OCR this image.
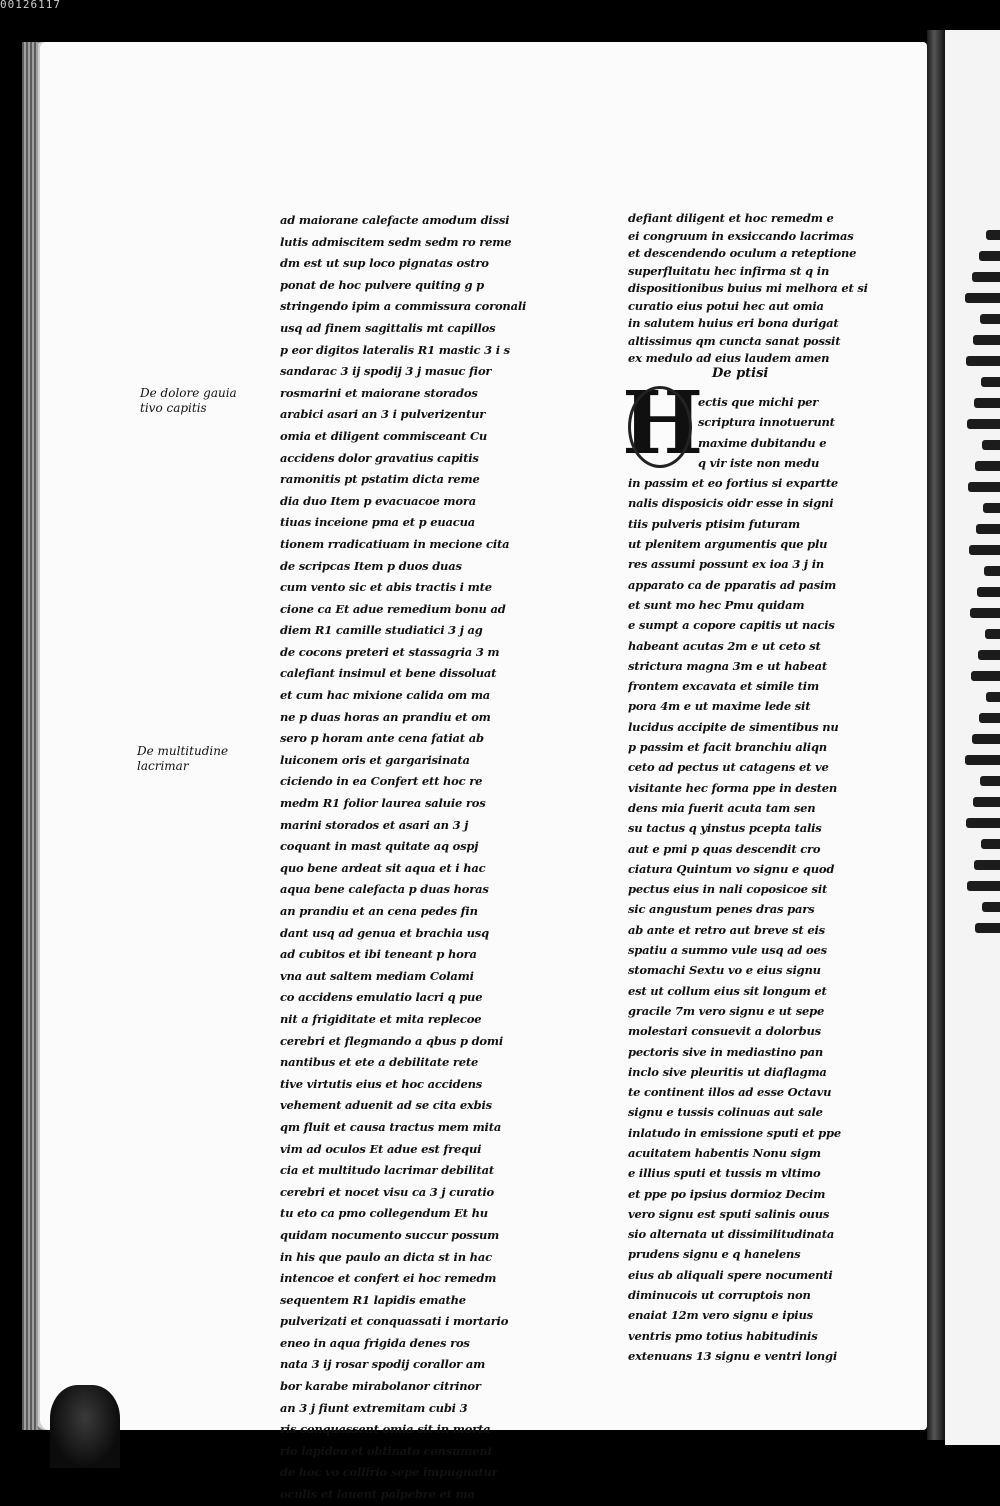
00126117
De dolore gauia tivo capitis
De multitudine lacrimar
ad maiorane calefacte amodum dissi
lutis admiscitem sedm sedm ro reme
dm est ut sup loco pignatas ostro
ponat de hoc pulvere quiting g p
stringendo ipim a commissura coronali
usq ad finem sagittalis mt capillos
p eor digitos lateralis R1 mastic 3 i s
sandarac 3 ij spodij 3 j masuc fior
rosmarini et maiorane storados
arabici asari an 3 i pulverizentur
omia et diligent commisceant Cu
accidens dolor gravatius capitis
ramonitis pt pstatim dicta reme
dia duo Item p evacuacoe mora
tiuas inceione pma et p euacua
tionem rradicatiuam in mecione cita
de scripcas Item p duos duas
cum vento sic et abis tractis i mte
cione ca Et adue remedium bonu ad
diem R1 camille studiatici 3 j ag
de cocons preteri et stassagria 3 m
calefiant insimul et bene dissoluat
et cum hac mixione calida om ma
ne p duas horas an prandiu et om
sero p horam ante cena fatiat ab
luiconem oris et gargarisinata
ciciendo in ea Confert ett hoc re
medm R1 folior laurea saluie ros
marini storados et asari an 3 j
coquant in mast quitate aq ospj
quo bene ardeat sit aqua et i hac
aqua bene calefacta p duas horas
an prandiu et an cena pedes fin
dant usq ad genua et brachia usq
ad cubitos et ibi teneant p hora
vna aut saltem mediam Colami
co accidens emulatio lacri q pue
nit a frigiditate et mita replecoe
cerebri et flegmando a qbus p domi
nantibus et ete a debilitate rete
tive virtutis eius et hoc accidens
vehement aduenit ad se cita exbis
qm fluit et causa tractus mem mita
vim ad oculos Et adue est frequi
cia et multitudo lacrimar debilitat
cerebri et nocet visu ca 3 j curatio
tu eto ca pmo collegendum Et hu
quidam nocumento succur possum
in his que paulo an dicta st in hac
intencoe et confert ei hoc remedm
sequentem R1 lapidis emathe
pulverizati et conquassati i mortario
eneo in aqua frigida denes ros
nata 3 ij rosar spodij corallor am
bor karabe mirabolanor citrinor
an 3 j fiunt extremitam cubi 3
ris conquassent omia sit in morta
rio lapideo et obtinato consument
de hoc vo collirio sepe impugnatur
oculis et lauent palpebre et ma
defiant diligent et hoc remedm e
ei congruum in exsiccando lacrimas
et descendendo oculum a reteptione
superfluitatu hec infirma st q in
dispositionibus buius mi melhora et si
curatio eius potui hec aut omia
in salutem huius eri bona durigat
altissimus qm cuncta sanat possit
ex medulo ad eius laudem amen
De ptisi
H
ectis que michi per
scriptura innotuerunt
maxime dubitandu e
q vir iste non medu
in passim et eo fortius si expartte
nalis disposicis oidr esse in signi
tiis pulveris ptisim futuram
ut plenitem argumentis que plu
res assumi possunt ex ioa 3 j in
apparato ca de pparatis ad pasim
et sunt mo hec Pmu quidam
e sumpt a copore capitis ut nacis
habeant acutas 2m e ut ceto st
strictura magna 3m e ut habeat
frontem excavata et simile tim
pora 4m e ut maxime lede sit
lucidus accipite de simentibus nu
p passim et facit branchiu aliqn
ceto ad pectus ut catagens et ve
visitante hec forma ppe in desten
dens mia fuerit acuta tam sen
su tactus q yinstus pcepta talis
aut e pmi p quas descendit cro
ciatura Quintum vo signu e quod
pectus eius in nali coposicoe sit
sic angustum penes dras pars
ab ante et retro aut breve st eis
spatiu a summo vule usq ad oes
stomachi Sextu vo e eius signu
est ut collum eius sit longum et
gracile 7m vero signu e ut sepe
molestari consuevit a dolorbus
pectoris sive in mediastino pan
inclo sive pleuritis ut diaflagma
te continent illos ad esse Octavu
signu e tussis colinuas aut sale
inlatudo in emissione sputi et ppe
acuitatem habentis Nonu sigm
e illius sputi et tussis m vltimo
et ppe po ipsius dormioz Decim
vero signu est sputi salinis ouus
sio alternata ut dissimilitudinata
prudens signu e q hanelens
eius ab aliquali spere nocumenti
diminucois ut corruptois non
enaiat 12m vero signu e ipius
ventris pmo totius habitudinis
extenuans 13 signu e ventri longi
